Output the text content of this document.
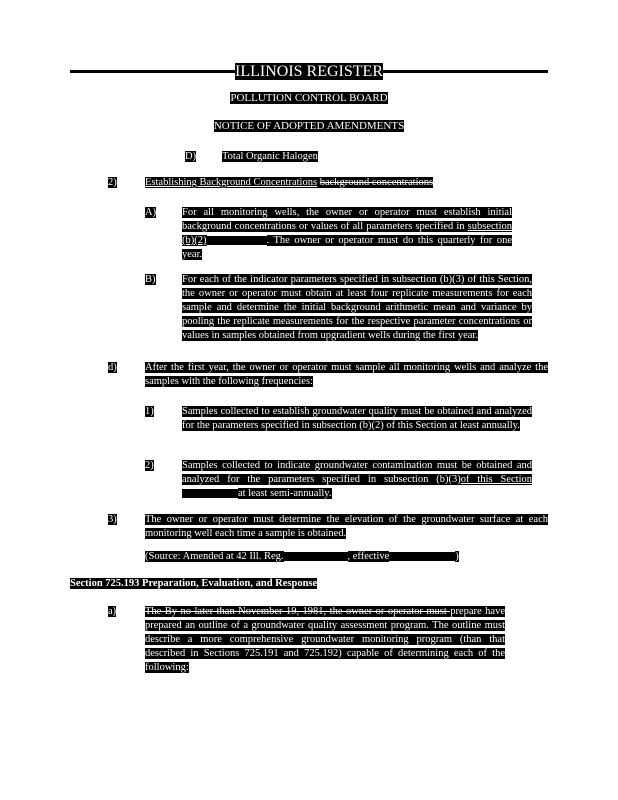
ILLINOIS REGISTER
POLLUTION CONTROL BOARD
NOTICE OF ADOPTED AMENDMENTS
D)	Total Organic Halogen
2)	Establishing Background Concentrations background concentrations
A)	For all monitoring wells, the owner or operator must establish initial background concentrations or values of all parameters specified in subsection (b)(2)	. The owner or operator must do this quarterly for one year.
B)	For each of the indicator parameters specified in subsection (b)(3) of this Section, the owner or operator must obtain at least four replicate measurements for each sample and determine the initial background arithmetic mean and variance by pooling the replicate measurements for the respective parameter concentrations or values in samples obtained from upgradient wells during the first year.
d)	After the first year, the owner or operator must sample all monitoring wells and analyze the samples with the following frequencies:
1)	Samples collected to establish groundwater quality must be obtained and analyzed for the parameters specified in subsection (b)(2) of this Section at least annually.
2)	Samples collected to indicate groundwater contamination must be obtained and analyzed for the parameters specified in subsection (b)(3)of this Sectionat least semi-annually.
3)	The owner or operator must determine the elevation of the groundwater surface at each monitoring well each time a sample is obtained.
(Source: Amended at 42 Ill. Reg.	, effective	)
Section 725.193 Preparation, Evaluation, and Response
a)	The By no later than November 19, 1981, the owner or operator must prepare have prepared an outline of a groundwater quality assessment program. The outline must describe a more comprehensive groundwater monitoring program (than that described in Sections 725.191 and 725.192) capable of determining each of the following:
